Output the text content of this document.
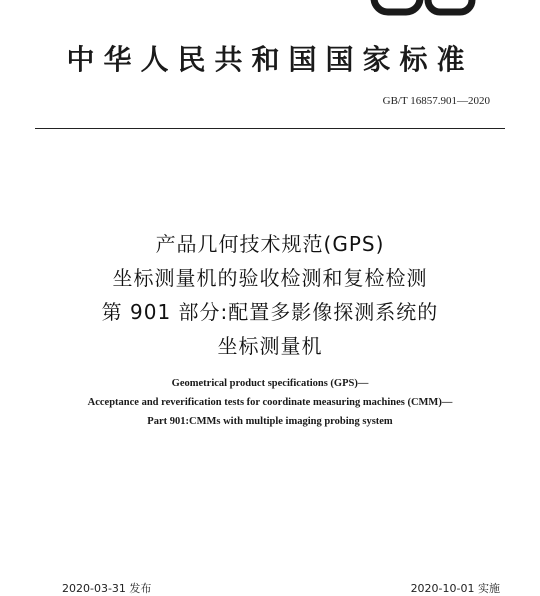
中华人民共和国国家标准
GB/T 16857.901—2020
产品几何技术规范(GPS)
坐标测量机的验收检测和复检检测
第 901 部分:配置多影像探测系统的
坐标测量机
Geometrical product specifications (GPS)—
Acceptance and reverification tests for coordinate measuring machines (CMM)—
Part 901:CMMs with multiple imaging probing system
2020-03-31 发布	2020-10-01 实施
